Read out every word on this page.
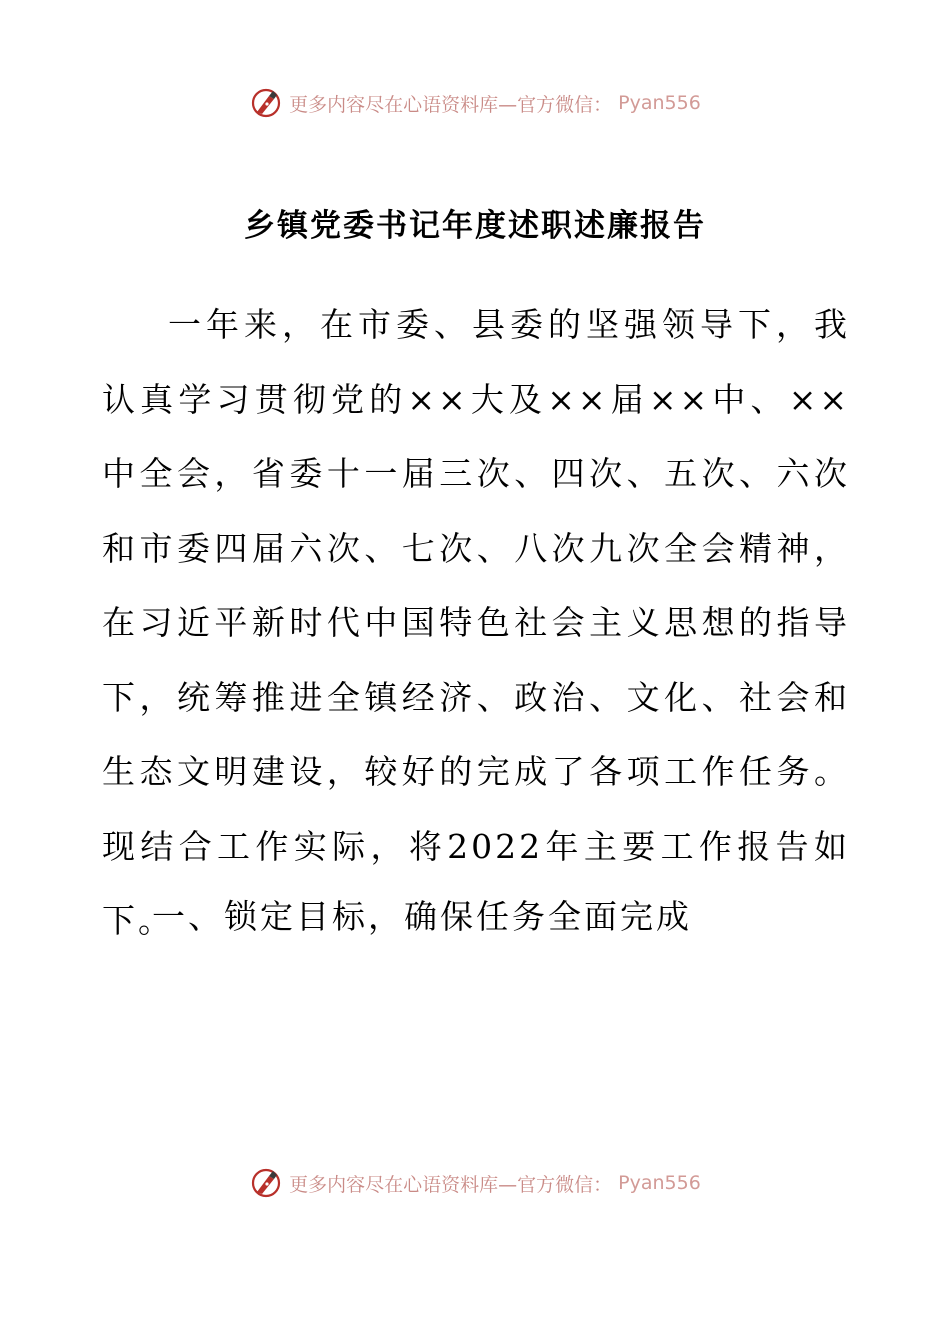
更多内容尽在心语资料库—官方微信： Pyan556
乡镇党委书记年度述职述廉报告

一年来，在市委、县委的坚强领导下，我认真学习贯彻党的××大及××届××中、××中全会，省委十一届三次、四次、五次、六次和市委四届六次、七次、八次九次全会精神，在习近平新时代中国特色社会主义思想的指导下，统筹推进全镇经济、政治、文化、社会和生态文明建设，较好的完成了各项工作任务。现结合工作实际，将2022年主要工作报告如下。

一、锁定目标，确保任务全面完成
更多内容尽在心语资料库—官方微信： Pyan556
